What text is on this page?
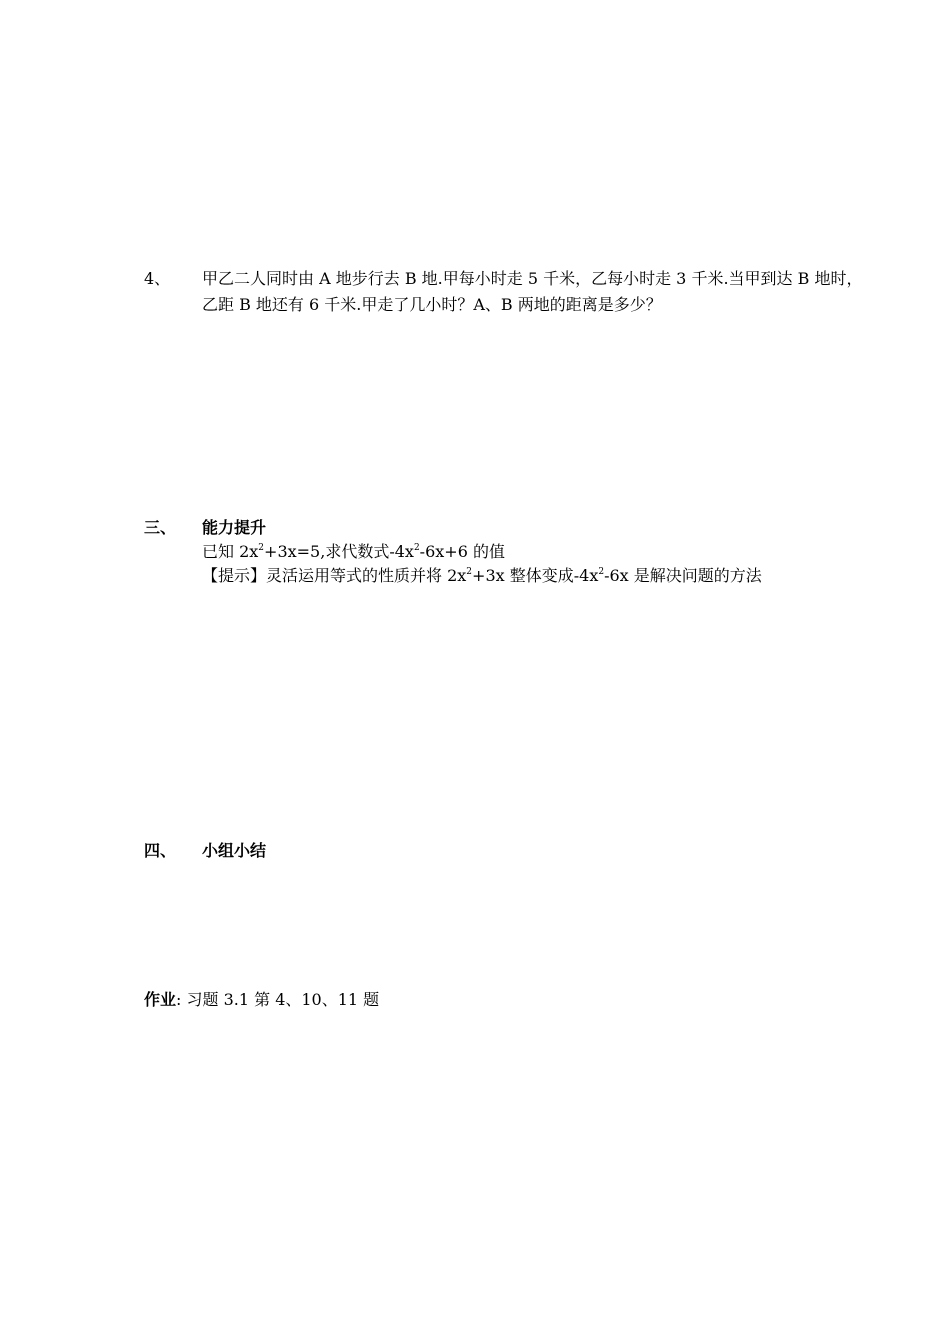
4、 甲乙二人同时由 A 地步行去 B 地.甲每小时走 5 千米，乙每小时走 3 千米.当甲到达 B 地时，
乙距 B 地还有 6 千米.甲走了几小时？A、B 两地的距离是多少？
三、 能力提升
已知 $2x^2+3x=5$,求代数式$-4x^2-6x+6$ 的值
【提示】灵活运用等式的性质并将 $2x^2+3x$ 整体变成$-4x^2-6x$ 是解决问题的方法
四、 小组小结
作业: 习题 3.1 第 4、10、11 题
